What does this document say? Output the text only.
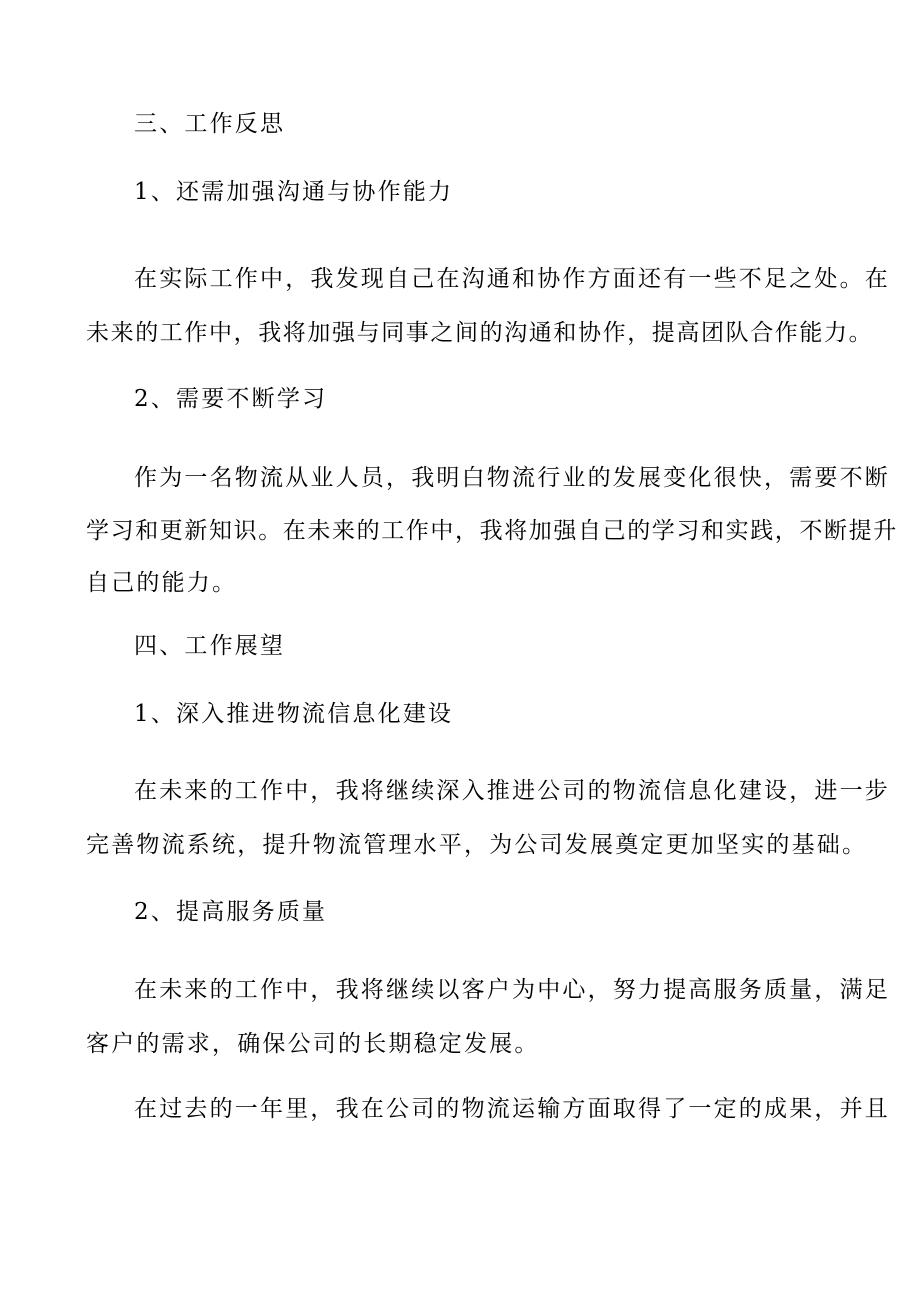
三、工作反思
1、还需加强沟通与协作能力
在实际工作中，我发现自己在沟通和协作方面还有一些不足之处。在
未来的工作中，我将加强与同事之间的沟通和协作，提高团队合作能力。
2、需要不断学习
作为一名物流从业人员，我明白物流行业的发展变化很快，需要不断
学习和更新知识。在未来的工作中，我将加强自己的学习和实践，不断提升
自己的能力。
四、工作展望
1、深入推进物流信息化建设
在未来的工作中，我将继续深入推进公司的物流信息化建设，进一步
完善物流系统，提升物流管理水平，为公司发展奠定更加坚实的基础。
2、提高服务质量
在未来的工作中，我将继续以客户为中心，努力提高服务质量，满足
客户的需求，确保公司的长期稳定发展。
在过去的一年里，我在公司的物流运输方面取得了一定的成果，并且
